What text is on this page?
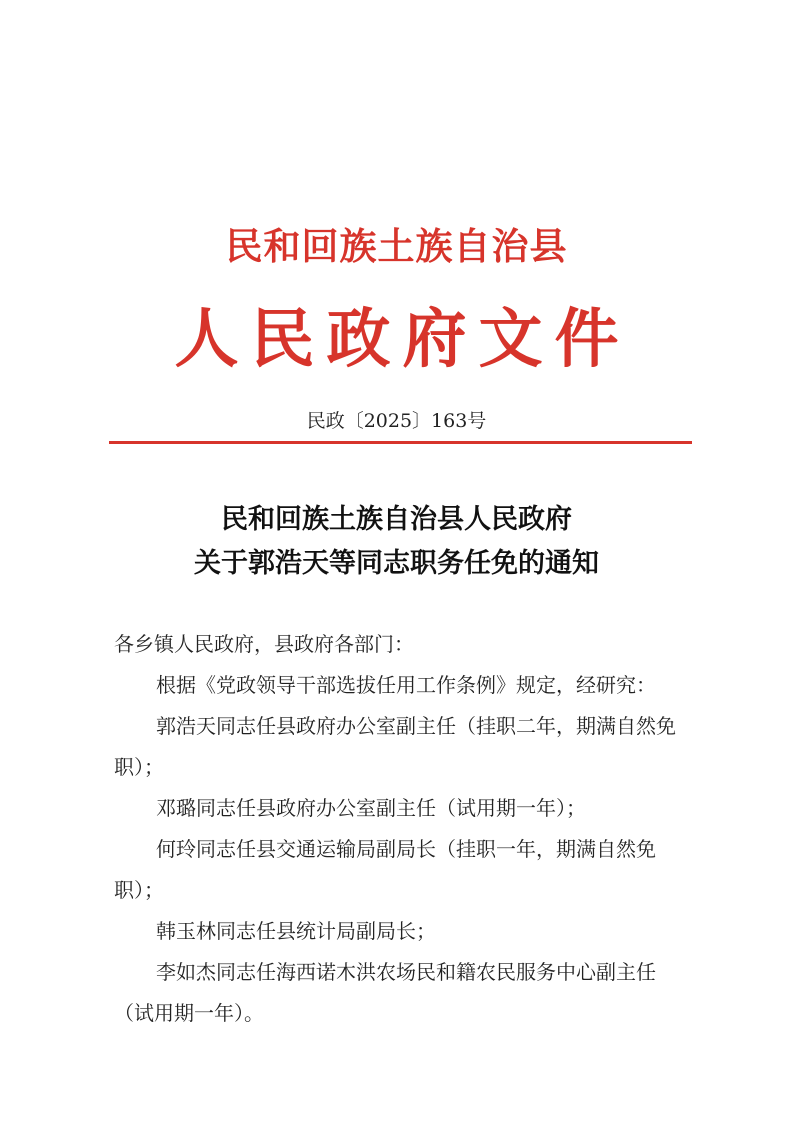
民和回族土族自治县
人民政府文件
民政〔2025〕163号
民和回族土族自治县人民政府
关于郭浩天等同志职务任免的通知

各乡镇人民政府，县政府各部门：

根据《党政领导干部选拔任用工作条例》规定，经研究：

郭浩天同志任县政府办公室副主任（挂职二年，期满自然免职）；

邓璐同志任县政府办公室副主任（试用期一年）；

何玲同志任县交通运输局副局长（挂职一年，期满自然免职）；

韩玉林同志任县统计局副局长；

李如杰同志任海西诺木洪农场民和籍农民服务中心副主任（试用期一年）。
